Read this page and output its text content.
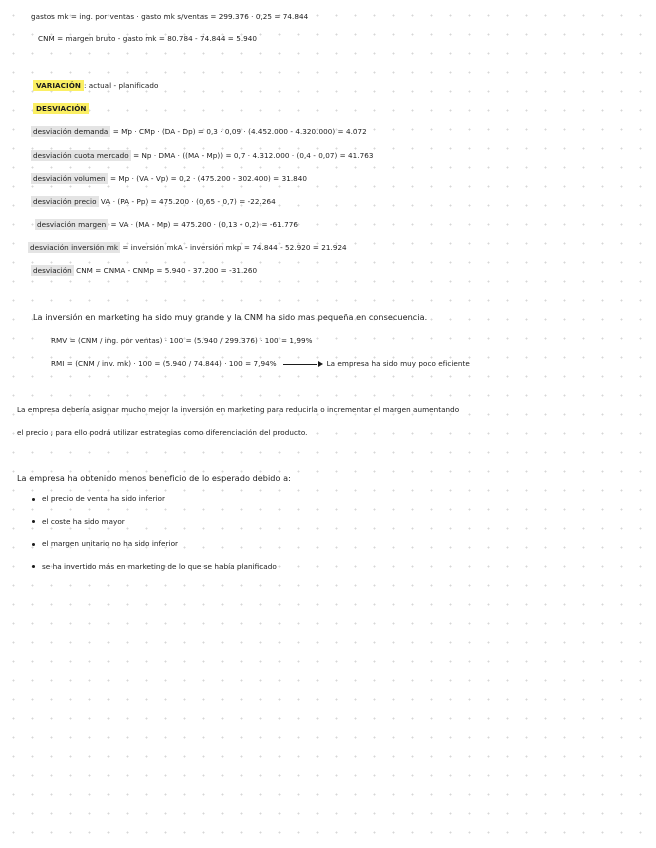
gastos mk = ing. por ventas · gasto mk s/ventas = 299.376 · 0,25 = 74.844
CNM = margen bruto - gasto mk = 80.784 - 74.844 = 5.940
VARIACIÓN : actual - planificado
DESVIACIÓN
desviación demanda = Mp · CMp · (DA - Dp) = 0,3 · 0,09 · (4.452.000 - 4.320.000) = 4.072
desviación cuota mercado = Np · DMA · ((MA - Mp)) = 0,7 · 4.312.000 · (0,4 - 0,07) = 41.763
desviación volumen = Mp · (VA - Vp) = 0,2 · (475.200 - 302.400) = 31.840
desviación precio VA · (PA - Pp) = 475.200 · (0,65 - 0,7) = -22.264
desviación margen = VA · (MA - Mp) = 475.200 · (0,13 - 0,2) = -61.776
desviación inversión mk = inversión mkA - inversión mkp = 74.844 - 52.920 = 21.924
desviación CNM = CNMA - CNMp = 5.940 - 37.200 = -31.260
La inversión en marketing ha sido muy grande y la CNM ha sido mas pequeña en consecuencia.
RMV = (CNM / ing. por ventas) · 100 = (5.940 / 299.376) · 100 = 1,99%
RMI = (CNM / inv. mk) · 100 = (5.940 / 74.844) · 100 = 7,94%	La empresa ha sido muy poco eficiente
La empresa debería asignar mucho mejor la inversión en marketing para reducirla o incrementar el margen aumentando
el precio ; para ello podrá utilizar estrategias como diferenciación del producto.
La empresa ha obtenido menos beneficio de lo esperado debido a:
el precio de venta ha sido inferior
el coste ha sido mayor
el margen unitario no ha sido inferior
se ha invertido más en marketing de lo que se había planificado
